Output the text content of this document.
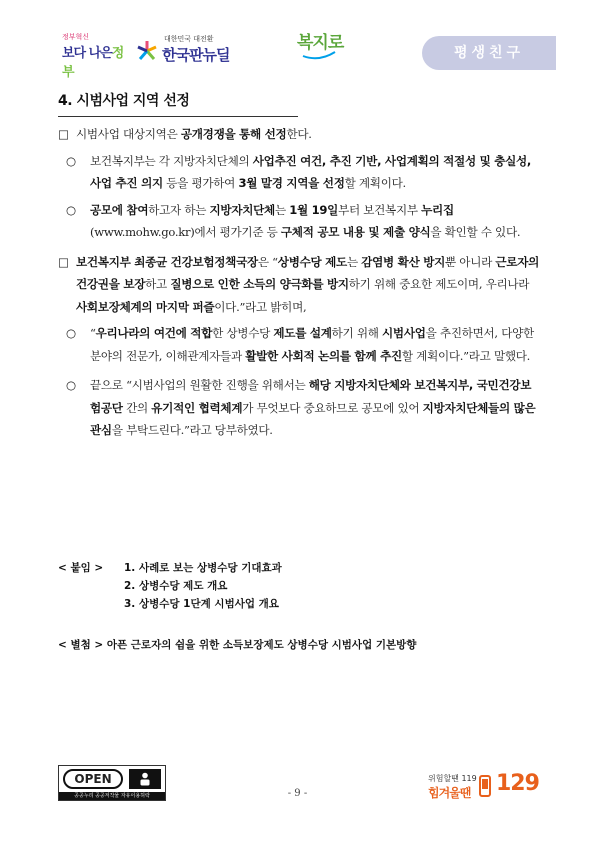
정부혁신
보다 나은정부
대한민국 대전환
한국판뉴딜
복지로	평생친구
4. 시범사업 지역 선정

□ 시범사업 대상지역은 공개경쟁을 통해 선정한다.

○ 보건복지부는 각 지방자치단체의 사업추진 여건, 추진 기반, 사업계획의 적절성 및 충실성, 사업 추진 의지 등을 평가하여 3월 말경 지역을 선정할 계획이다.

○ 공모에 참여하고자 하는 지방자치단체는 1월 19일부터 보건복지부 누리집(www.mohw.go.kr)에서 평가기준 등 구체적 공모 내용 및 제출 양식을 확인할 수 있다.

□ 보건복지부 최종균 건강보험정책국장은 “상병수당 제도는 감염병 확산 방지뿐 아니라 근로자의 건강권을 보장하고 질병으로 인한 소득의 양극화를 방지하기 위해 중요한 제도이며, 우리나라 사회보장체계의 마지막 퍼즐이다.”라고 밝히며,

○ “우리나라의 여건에 적합한 상병수당 제도를 설계하기 위해 시범사업을 추진하면서, 다양한 분야의 전문가, 이해관계자들과 활발한 사회적 논의를 함께 추진할 계획이다.”라고 말했다.

○ 끝으로 “시범사업의 원활한 진행을 위해서는 해당 지방자치단체와 보건복지부, 국민건강보험공단 간의 유기적인 협력체계가 무엇보다 중요하므로 공모에 있어 지방자치단체들의 많은 관심을 부탁드린다.”라고 당부하였다.

< 붙임 > 1. 사례로 보는 상병수당 기대효과
2. 상병수당 제도 개요
3. 상병수당 1단계 시범사업 개요
< 별첨 > 아픈 근로자의 쉼을 위한 소득보장제도 상병수당 시범사업 기본방향
OPEN
공공누리 공공저작물 자유이용허락	- 9 -
위험할땐 119
힘겨울땐 129
